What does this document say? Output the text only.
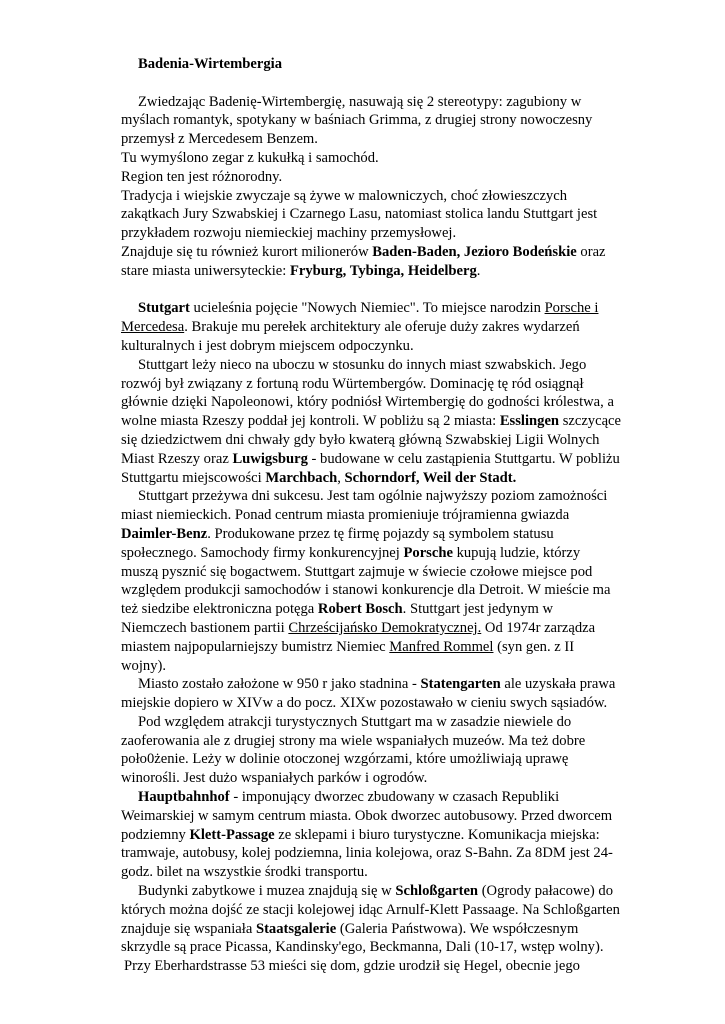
Badenia-Wirtembergia

Zwiedzając Badenię-Wirtembergię, nasuwają się 2 stereotypy: zagubiony w myślach romantyk, spotykany w baśniach Grimma, z drugiej strony nowoczesny przemysł z Mercedesem Benzem.

Tu wymyślono zegar z kukułką i samochód.

Region ten jest różnorodny.

Tradycja i wiejskie zwyczaje są żywe w malowniczych, choć złowieszczych zakątkach Jury Szwabskiej i Czarnego Lasu, natomiast stolica landu Stuttgart jest przykładem rozwoju niemieckiej machiny przemysłowej.

Znajduje się tu również kurort milionerów Baden-Baden, Jezioro Bodeńskie oraz stare miasta uniwersyteckie: Fryburg, Tybinga, Heidelberg.

Stutgart ucieleśnia pojęcie "Nowych Niemiec". To miejsce narodzin Porsche i Mercedesa. Brakuje mu perełek architektury ale oferuje duży zakres wydarzeń kulturalnych i jest dobrym miejscem odpoczynku.

Stuttgart leży nieco na uboczu w stosunku do innych miast szwabskich. Jego rozwój był związany z fortuną rodu Würtembergów. Dominację tę ród osiągnął głównie dzięki Napoleonowi, który podniósł Wirtembergię do godności królestwa, a wolne miasta Rzeszy poddał jej kontroli. W pobliżu są 2 miasta: Esslingen szczycące się dziedzictwem dni chwały gdy było kwaterą główną Szwabskiej Ligii Wolnych Miast Rzeszy oraz Luwigsburg - budowane w celu zastąpienia Stuttgartu. W pobliżu Stuttgartu miejscowości Marchbach, Schorndorf, Weil der Stadt.

Stuttgart przeżywa dni sukcesu. Jest tam ogólnie najwyższy poziom zamożności miast niemieckich. Ponad centrum miasta promieniuje trójramienna gwiazda Daimler-Benz. Produkowane przez tę firmę pojazdy są symbolem statusu społecznego. Samochody firmy konkurencyjnej Porsche kupują ludzie, którzy muszą pysznić się bogactwem. Stuttgart zajmuje w świecie czołowe miejsce pod względem produkcji samochodów i stanowi konkurencje dla Detroit. W mieście ma też siedzibe elektroniczna potęga Robert Bosch. Stuttgart jest jedynym w Niemczech bastionem partii Chrześcijańsko Demokratycznej. Od 1974r zarządza miastem najpopularniejszy bumistrz Niemiec Manfred Rommel (syn gen. z II wojny).

Miasto zostało założone w 950 r jako stadnina - Statengarten ale uzyskała prawa miejskie dopiero w XIVw a do pocz. XIXw pozostawało w cieniu swych sąsiadów.

Pod względem atrakcji turystycznych Stuttgart ma w zasadzie niewiele do zaoferowania ale z drugiej strony ma wiele wspaniałych muzeów. Ma też dobre poło0żenie. Leży w dolinie otoczonej wzgórzami, które umożliwiają uprawę winorośli. Jest dużo wspaniałych parków i ogrodów.

Hauptbahnhof - imponujący dworzec zbudowany w czasach Republiki Weimarskiej w samym centrum miasta. Obok dworzec autobusowy. Przed dworcem podziemny Klett-Passage ze sklepami i biuro turystyczne. Komunikacja miejska: tramwaje, autobusy, kolej podziemna, linia kolejowa, oraz S-Bahn. Za 8DM jest 24-godz. bilet na wszystkie środki transportu.

Budynki zabytkowe i muzea znajdują się w Schloßgarten (Ogrody pałacowe) do których można dojść ze stacji kolejowej idąc Arnulf-Klett Passaage. Na Schloßgarten znajduje się wspaniała Staatsgalerie (Galeria Państwowa). We współczesnym skrzydle są prace Picassa, Kandinsky'ego, Beckmanna, Dali (10-17, wstęp wolny).

Przy Eberhardstrasse 53 mieści się dom, gdzie urodził się Hegel, obecnie jego
